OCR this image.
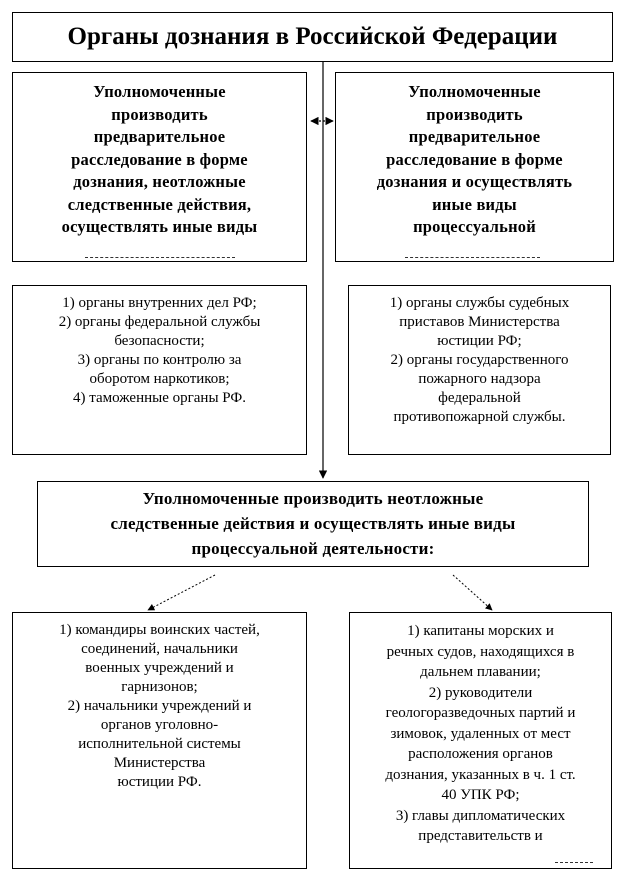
Органы дознания в Российской Федерации
Уполномоченные
производить
предварительное
расследование в форме
дознания, неотложные
следственные действия,
осуществлять иные виды
Уполномоченные
производить
предварительное
расследование в форме
дознания и осуществлять
иные виды
процессуальной
1) органы внутренних дел РФ;
2) органы федеральной службы
безопасности;
3) органы по контролю за
оборотом наркотиков;
4) таможенные органы РФ.
1) органы службы судебных
приставов Министерства
юстиции РФ;
2) органы государственного
пожарного надзора
федеральной
противопожарной службы.
Уполномоченные производить неотложные
следственные действия и осуществлять иные виды
процессуальной деятельности:
1) командиры воинских частей,
соединений, начальники
военных учреждений и
гарнизонов;
2) начальники учреждений и
органов уголовно-
исполнительной системы
Министерства
юстиции РФ.
1) капитаны морских и
речных судов, находящихся в
дальнем плавании;
2) руководители
геологоразведочных партий и
зимовок, удаленных от мест
расположения органов
дознания, указанных в ч. 1 ст.
40 УПК РФ;
3) главы дипломатических
представительств и
